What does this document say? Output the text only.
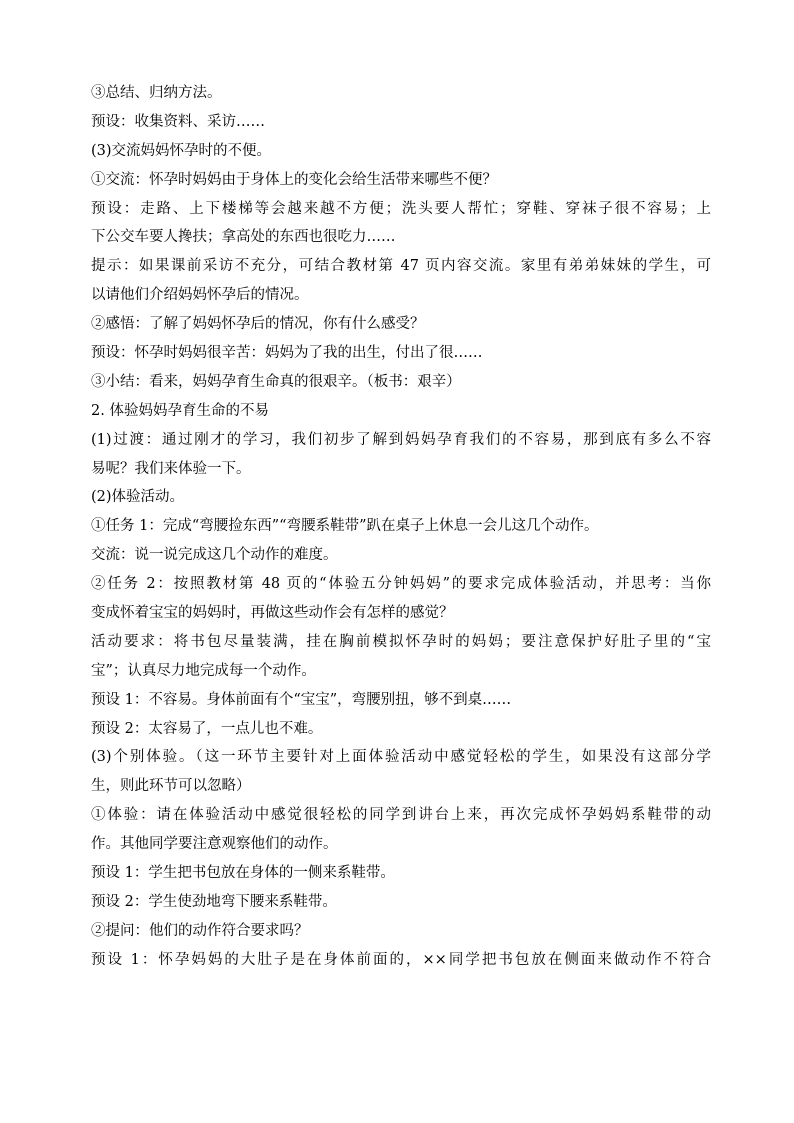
③总结、归纳方法。
预设：收集资料、采访……
(3)交流妈妈怀孕时的不便。
①交流：怀孕时妈妈由于身体上的变化会给生活带来哪些不便？
预设：走路、上下楼梯等会越来越不方便；洗头要人帮忙；穿鞋、穿袜子很不容易；上
下公交车要人搀扶；拿高处的东西也很吃力……
提示：如果课前采访不充分，可结合教材第 47 页内容交流。家里有弟弟妹妹的学生，可
以请他们介绍妈妈怀孕后的情况。
②感悟：了解了妈妈怀孕后的情况，你有什么感受？
预设：怀孕时妈妈很辛苦：妈妈为了我的出生，付出了很……
③小结：看来，妈妈孕育生命真的很艰辛。（板书：艰辛）
2. 体验妈妈孕育生命的不易
(1)过渡：通过刚才的学习，我们初步了解到妈妈孕育我们的不容易，那到底有多么不容
易呢？我们来体验一下。
(2)体验活动。
①任务 1：完成“弯腰捡东西”“弯腰系鞋带”趴在桌子上休息一会儿这几个动作。
交流：说一说完成这几个动作的难度。
②任务 2：按照教材第 48 页的“体验五分钟妈妈”的要求完成体验活动，并思考：当你
变成怀着宝宝的妈妈时，再做这些动作会有怎样的感觉？
活动要求：将书包尽量装满，挂在胸前模拟怀孕时的妈妈；要注意保护好肚子里的“宝
宝”；认真尽力地完成每一个动作。
预设 1：不容易。身体前面有个“宝宝”，弯腰别扭，够不到桌……
预设 2：太容易了，一点儿也不难。
(3)个别体验。（这一环节主要针对上面体验活动中感觉轻松的学生，如果没有这部分学
生，则此环节可以忽略）
①体验：请在体验活动中感觉很轻松的同学到讲台上来，再次完成怀孕妈妈系鞋带的动
作。其他同学要注意观察他们的动作。
预设 1：学生把书包放在身体的一侧来系鞋带。
预设 2：学生使劲地弯下腰来系鞋带。
②提问：他们的动作符合要求吗？
预设 1：怀孕妈妈的大肚子是在身体前面的，××同学把书包放在侧面来做动作不符合
